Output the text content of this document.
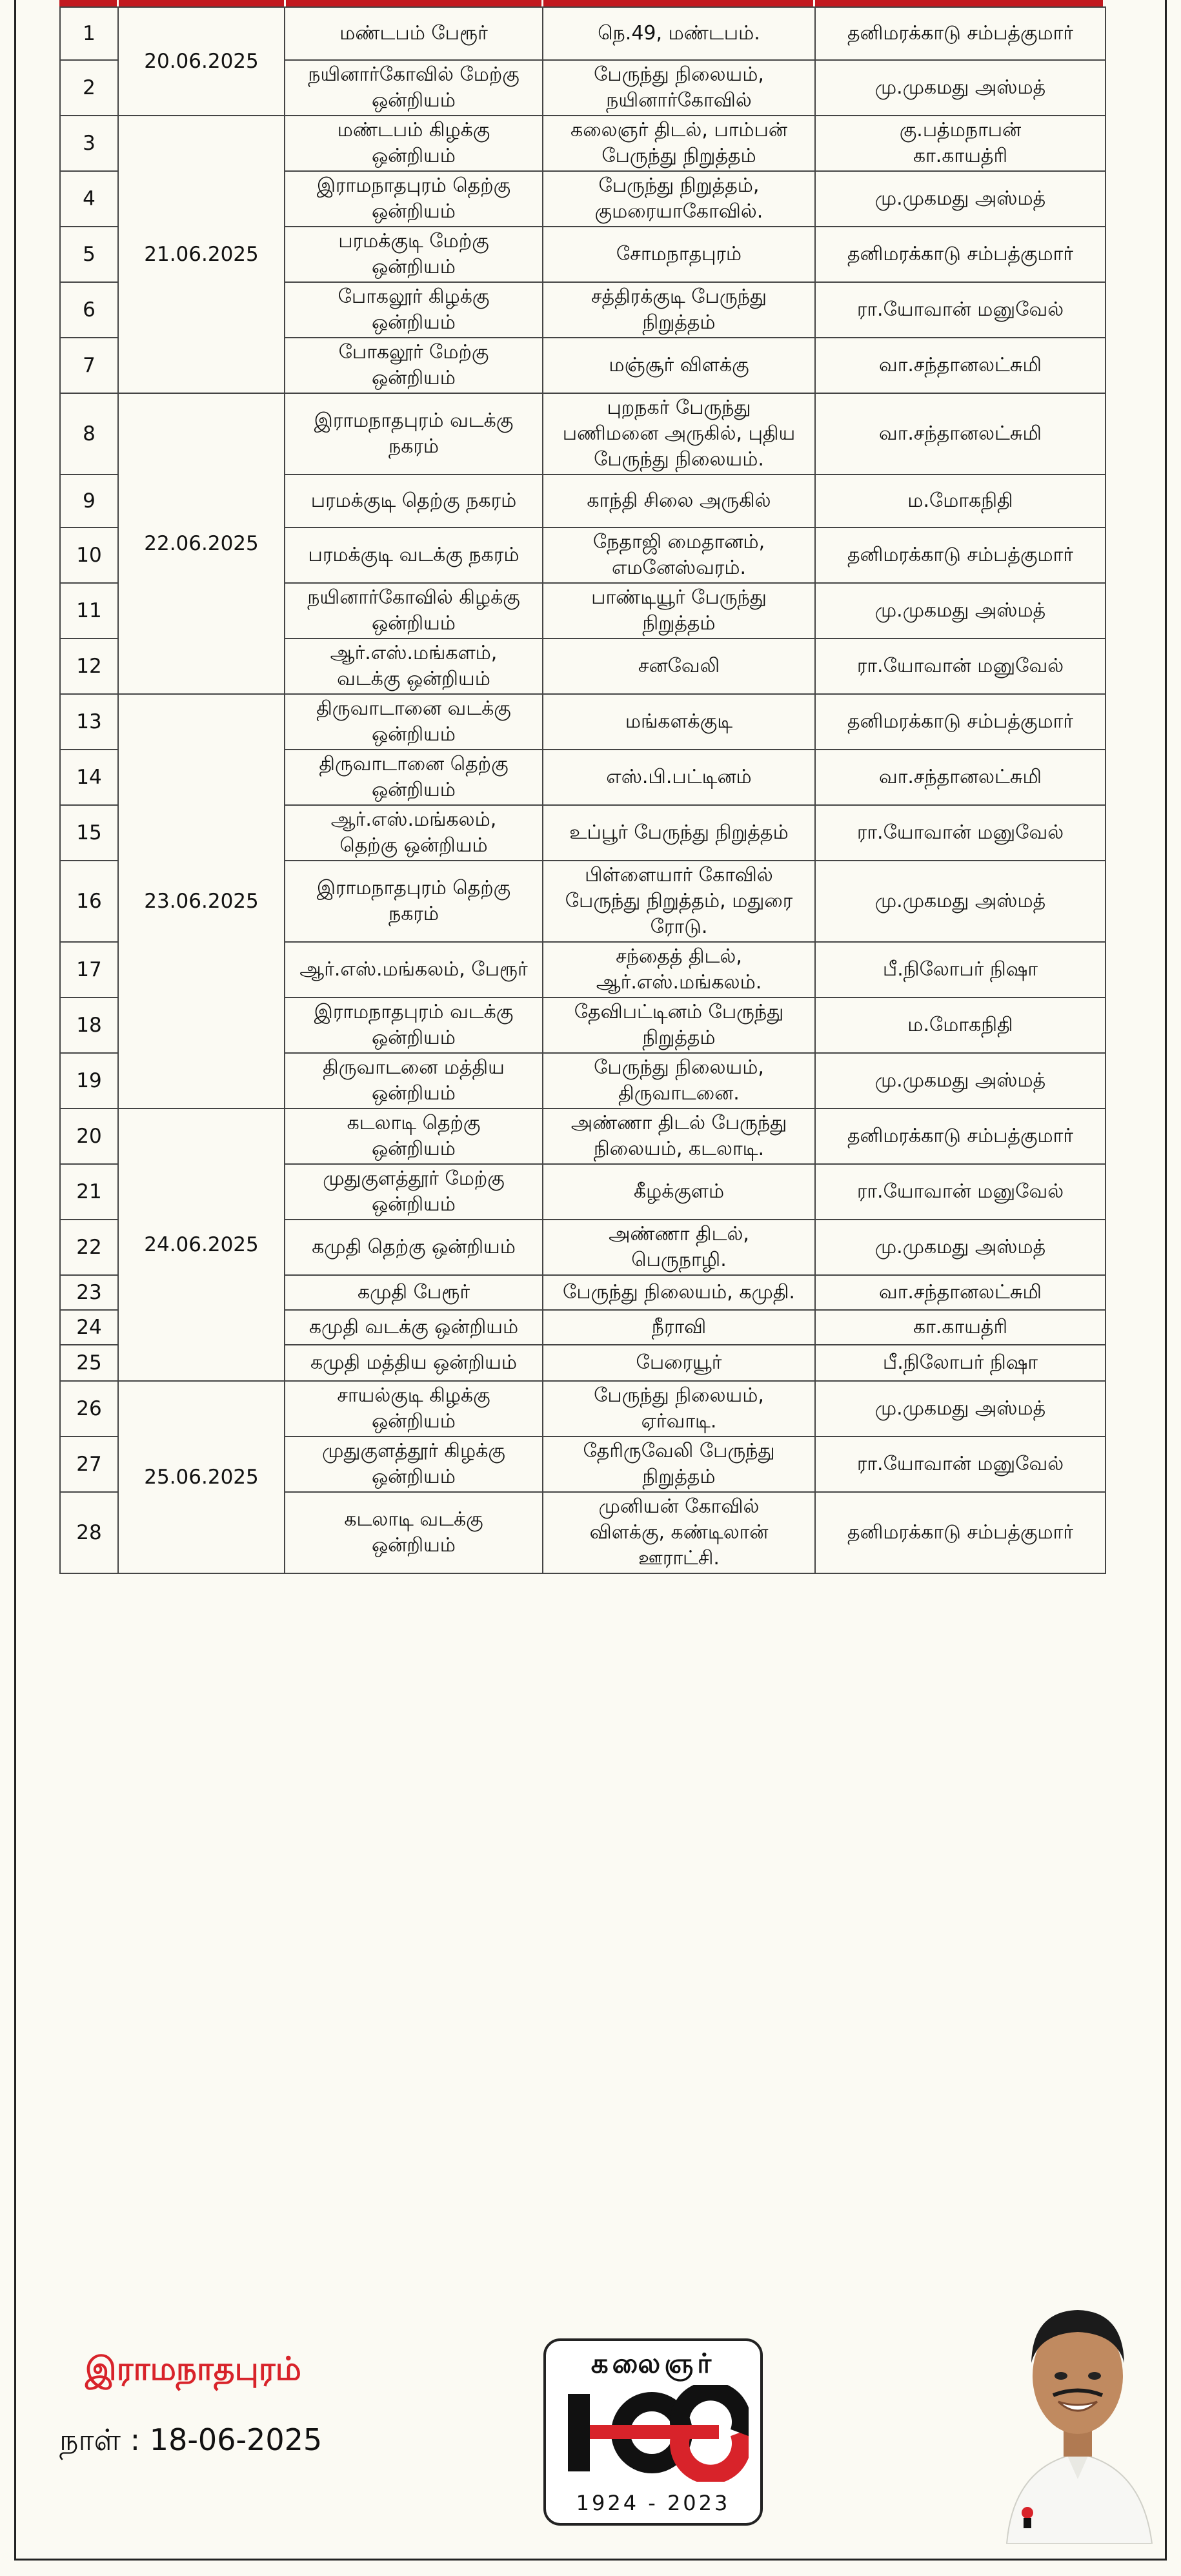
1	20.06.2025	மண்டபம் பேரூர்	நெ.49, மண்டபம்.	தனிமரக்காடு சம்பத்குமார்

2		நயினார்கோவில் மேற்கு
ஒன்றியம்	பேருந்து நிலையம்,
நயினார்கோவில்	மு.முகமது அஸ்மத்

3	21.06.2025	மண்டபம் கிழக்கு
ஒன்றியம்	கலைஞர் திடல், பாம்பன்
பேருந்து நிறுத்தம்	கு.பத்மநாபன்
கா.காயத்ரி

4		இராமநாதபுரம் தெற்கு
ஒன்றியம்	பேருந்து நிறுத்தம்,
குமரையாகோவில்.	மு.முகமது அஸ்மத்

5		பரமக்குடி மேற்கு
ஒன்றியம்	சோமநாதபுரம்	தனிமரக்காடு சம்பத்குமார்

6		போகலூர் கிழக்கு
ஒன்றியம்	சத்திரக்குடி பேருந்து
நிறுத்தம்	ரா.யோவான் மனுவேல்

7		போகலூர் மேற்கு
ஒன்றியம்	மஞ்சூர் விளக்கு	வா.சந்தானலட்சுமி

8	22.06.2025	இராமநாதபுரம் வடக்கு
நகரம்	புறநகர் பேருந்து
பணிமனை அருகில், புதிய
பேருந்து நிலையம்.	வா.சந்தானலட்சுமி

9		பரமக்குடி தெற்கு நகரம்	காந்தி சிலை அருகில்	ம.மோகநிதி

10		பரமக்குடி வடக்கு நகரம்	நேதாஜி மைதானம்,
எமனேஸ்வரம்.	தனிமரக்காடு சம்பத்குமார்

11		நயினார்கோவில் கிழக்கு
ஒன்றியம்	பாண்டியூர் பேருந்து
நிறுத்தம்	மு.முகமது அஸ்மத்

12		ஆர்.எஸ்.மங்களம்,
வடக்கு ஒன்றியம்	சனவேலி	ரா.யோவான் மனுவேல்

13	23.06.2025	திருவாடானை வடக்கு
ஒன்றியம்	மங்களக்குடி	தனிமரக்காடு சம்பத்குமார்

14		திருவாடானை தெற்கு
ஒன்றியம்	எஸ்.பி.பட்டினம்	வா.சந்தானலட்சுமி

15		ஆர்.எஸ்.மங்கலம்,
தெற்கு ஒன்றியம்	உப்பூர் பேருந்து நிறுத்தம்	ரா.யோவான் மனுவேல்

16		இராமநாதபுரம் தெற்கு
நகரம்	பிள்ளையார் கோவில்
பேருந்து நிறுத்தம், மதுரை
ரோடு.	மு.முகமது அஸ்மத்

17		ஆர்.எஸ்.மங்கலம், பேரூர்	சந்தைத் திடல்,
ஆர்.எஸ்.மங்கலம்.	பீ.நிலோபர் நிஷா

18		இராமநாதபுரம் வடக்கு
ஒன்றியம்	தேவிபட்டினம் பேருந்து
நிறுத்தம்	ம.மோகநிதி

19		திருவாடனை மத்திய
ஒன்றியம்	பேருந்து நிலையம்,
திருவாடனை.	மு.முகமது அஸ்மத்

20	24.06.2025	கடலாடி தெற்கு
ஒன்றியம்	அண்ணா திடல் பேருந்து
நிலையம், கடலாடி.	தனிமரக்காடு சம்பத்குமார்

21		முதுகுளத்தூர் மேற்கு
ஒன்றியம்	கீழக்குளம்	ரா.யோவான் மனுவேல்

22		கமுதி தெற்கு ஒன்றியம்	அண்ணா திடல்,
பெருநாழி.	மு.முகமது அஸ்மத்

23		கமுதி பேரூர்	பேருந்து நிலையம், கமுதி.	வா.சந்தானலட்சுமி

24		கமுதி வடக்கு ஒன்றியம்	நீராவி	கா.காயத்ரி

25		கமுதி மத்திய ஒன்றியம்	பேரையூர்	பீ.நிலோபர் நிஷா

26	25.06.2025	சாயல்குடி கிழக்கு
ஒன்றியம்	பேருந்து நிலையம்,
ஏர்வாடி.	மு.முகமது அஸ்மத்

27		முதுகுளத்தூர் கிழக்கு
ஒன்றியம்	தேரிருவேலி பேருந்து
நிறுத்தம்	ரா.யோவான் மனுவேல்

28		கடலாடி வடக்கு
ஒன்றியம்	முனியன் கோவில்
விளக்கு, கண்டிலான்
ஊராட்சி.	தனிமரக்காடு சம்பத்குமார்
இராமநாதபுரம்
நாள் : 18-06-2025
கலைஞர்
1924 - 2023
